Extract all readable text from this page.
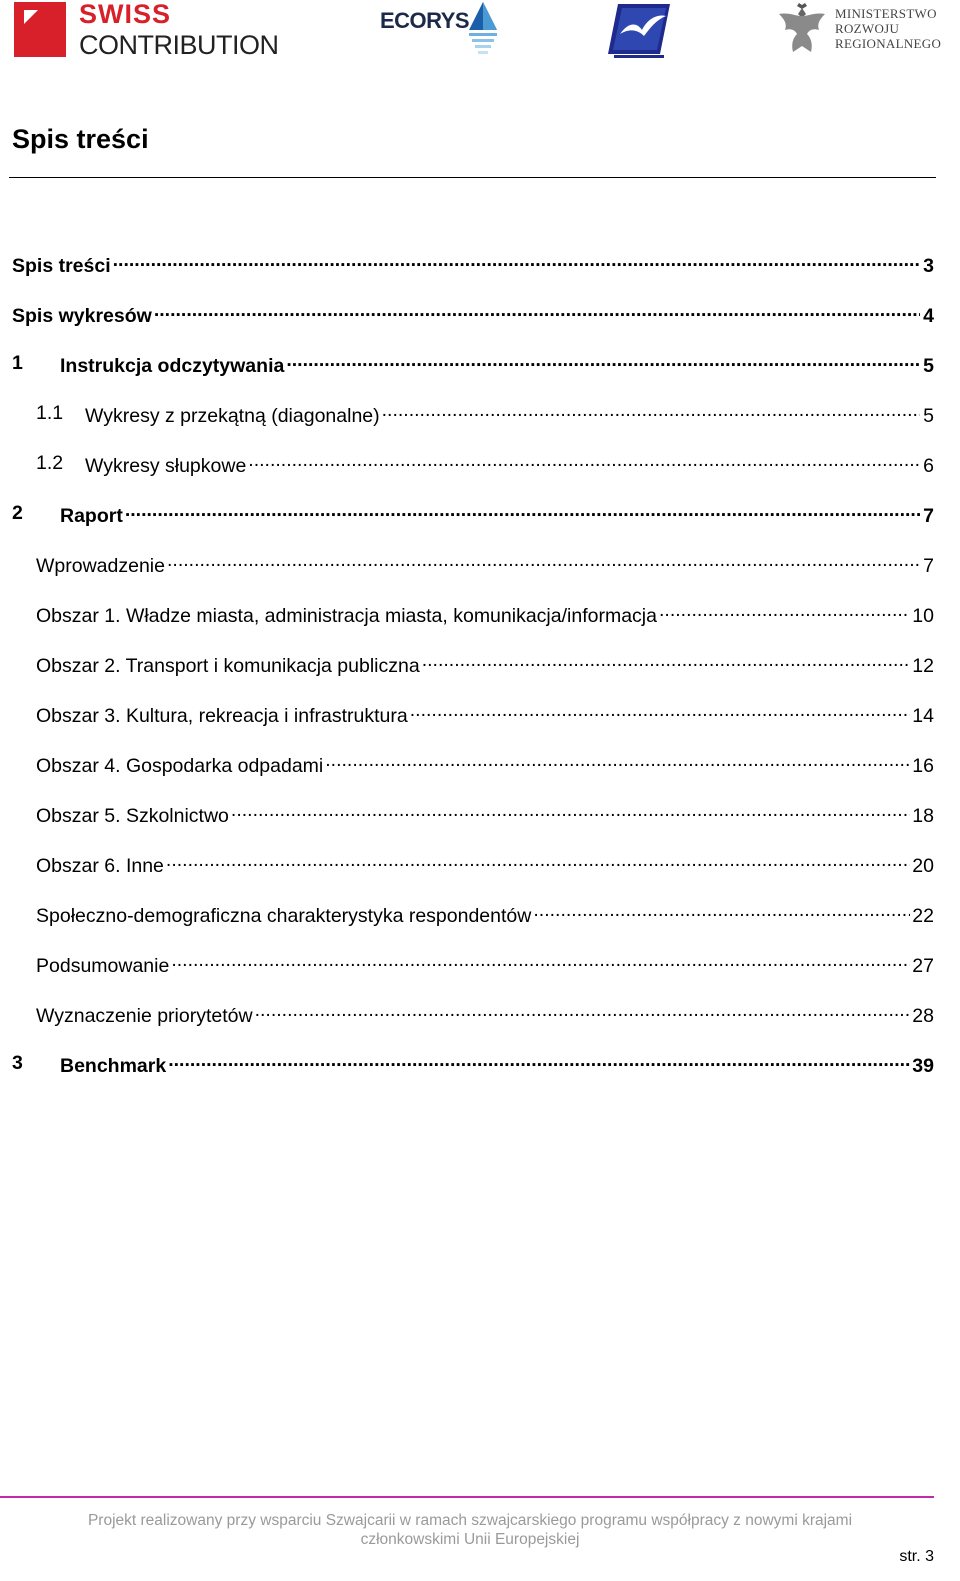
SWISS
CONTRIBUTION
ECORYS	MINISTERSTWO
ROZWOJU
REGIONALNEGO
Spis treści
Spis treści .....	3
Spis wykresów .....	4
1 Instrukcja odczytywania .....	5
1.1 Wykresy z przekątną (diagonalne) .....	5
1.2 Wykresy słupkowe .....	6
2 Raport .....	7
Wprowadzenie .....	7
Obszar 1. Władze miasta, administracja miasta, komunikacja/informacja .....	10
Obszar 2. Transport i komunikacja publiczna .....	12
Obszar 3. Kultura, rekreacja i infrastruktura .....	14
Obszar 4. Gospodarka odpadami .....	16
Obszar 5. Szkolnictwo .....	18
Obszar 6. Inne .....	20
Społeczno-demograficzna charakterystyka respondentów .....	22
Podsumowanie .....	27
Wyznaczenie priorytetów .....	28
3 Benchmark .....	39
Projekt realizowany przy wsparciu Szwajcarii w ramach szwajcarskiego programu współpracy z nowymi krajami
członkowskimi Unii Europejskiej
str. 3
